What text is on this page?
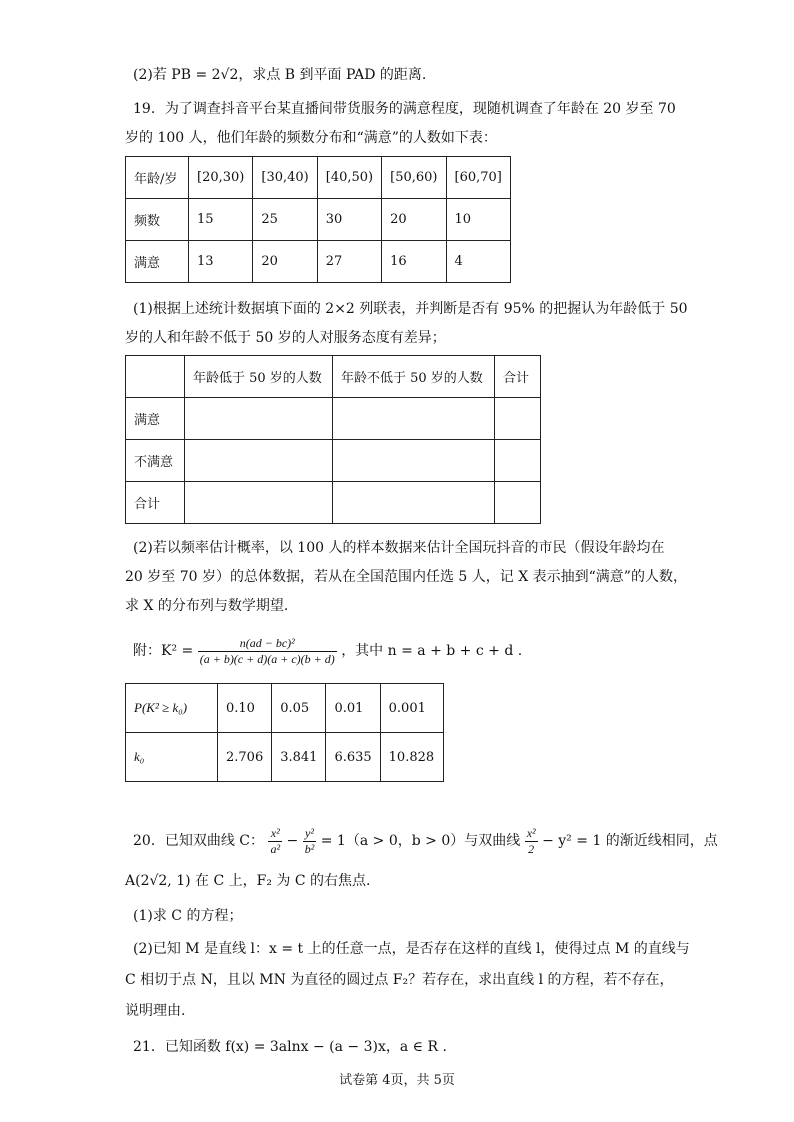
(2)若 PB = 2√2，求点 B 到平面 PAD 的距离.
19．为了调查抖音平台某直播间带货服务的满意程度，现随机调查了年龄在 20 岁至 70
岁的 100 人，他们年龄的频数分布和“满意”的人数如下表：
年龄/岁	[20,30)	[30,40)	[40,50)	[50,60)	[60,70]
频数	15	25	30	20	10
满意	13	20	27	16	4
(1)根据上述统计数据填下面的 2×2 列联表，并判断是否有 95% 的把握认为年龄低于 50
岁的人和年龄不低于 50 岁的人对服务态度有差异；
	年龄低于 50 岁的人数	年龄不低于 50 岁的人数	合计
满意			
不满意			
合计			
(2)若以频率估计概率，以 100 人的样本数据来估计全国玩抖音的市民（假设年龄均在
20 岁至 70 岁）的总体数据，若从在全国范围内任选 5 人，记 X 表示抽到“满意”的人数，
求 X 的分布列与数学期望.
附：$K^2 = \frac{\text{n(ad − bc)²}}{(a + b)(c + d)(a + c)(b + d)}$ ，其中 n = a + b + c + d .
P(K² ≥ k₀)	0.10	0.05	0.01	0.001
k₀	2.706	3.841	6.635	10.828
20．已知双曲线 C： $\frac{\text{x²}}{\text{a²}} - \frac{\text{y²}}{\text{b²}} = 1(a > 0$，b > 0）与双曲线 $\frac{\text{x²}}{2} - y^2 = 1$ 的渐近线相同，点
A(2√2, 1) 在 C 上，F₂ 为 C 的右焦点.
(1)求 C 的方程；
(2)已知 M 是直线 l：x = t 上的任意一点，是否存在这样的直线 l，使得过点 M 的直线与
C 相切于点 N，且以 MN 为直径的圆过点 F₂？若存在，求出直线 l 的方程，若不存在，
说明理由.
21．已知函数 f(x) = 3alnx − (a − 3)x，a ∈ R .
试卷第 4页，共 5页
